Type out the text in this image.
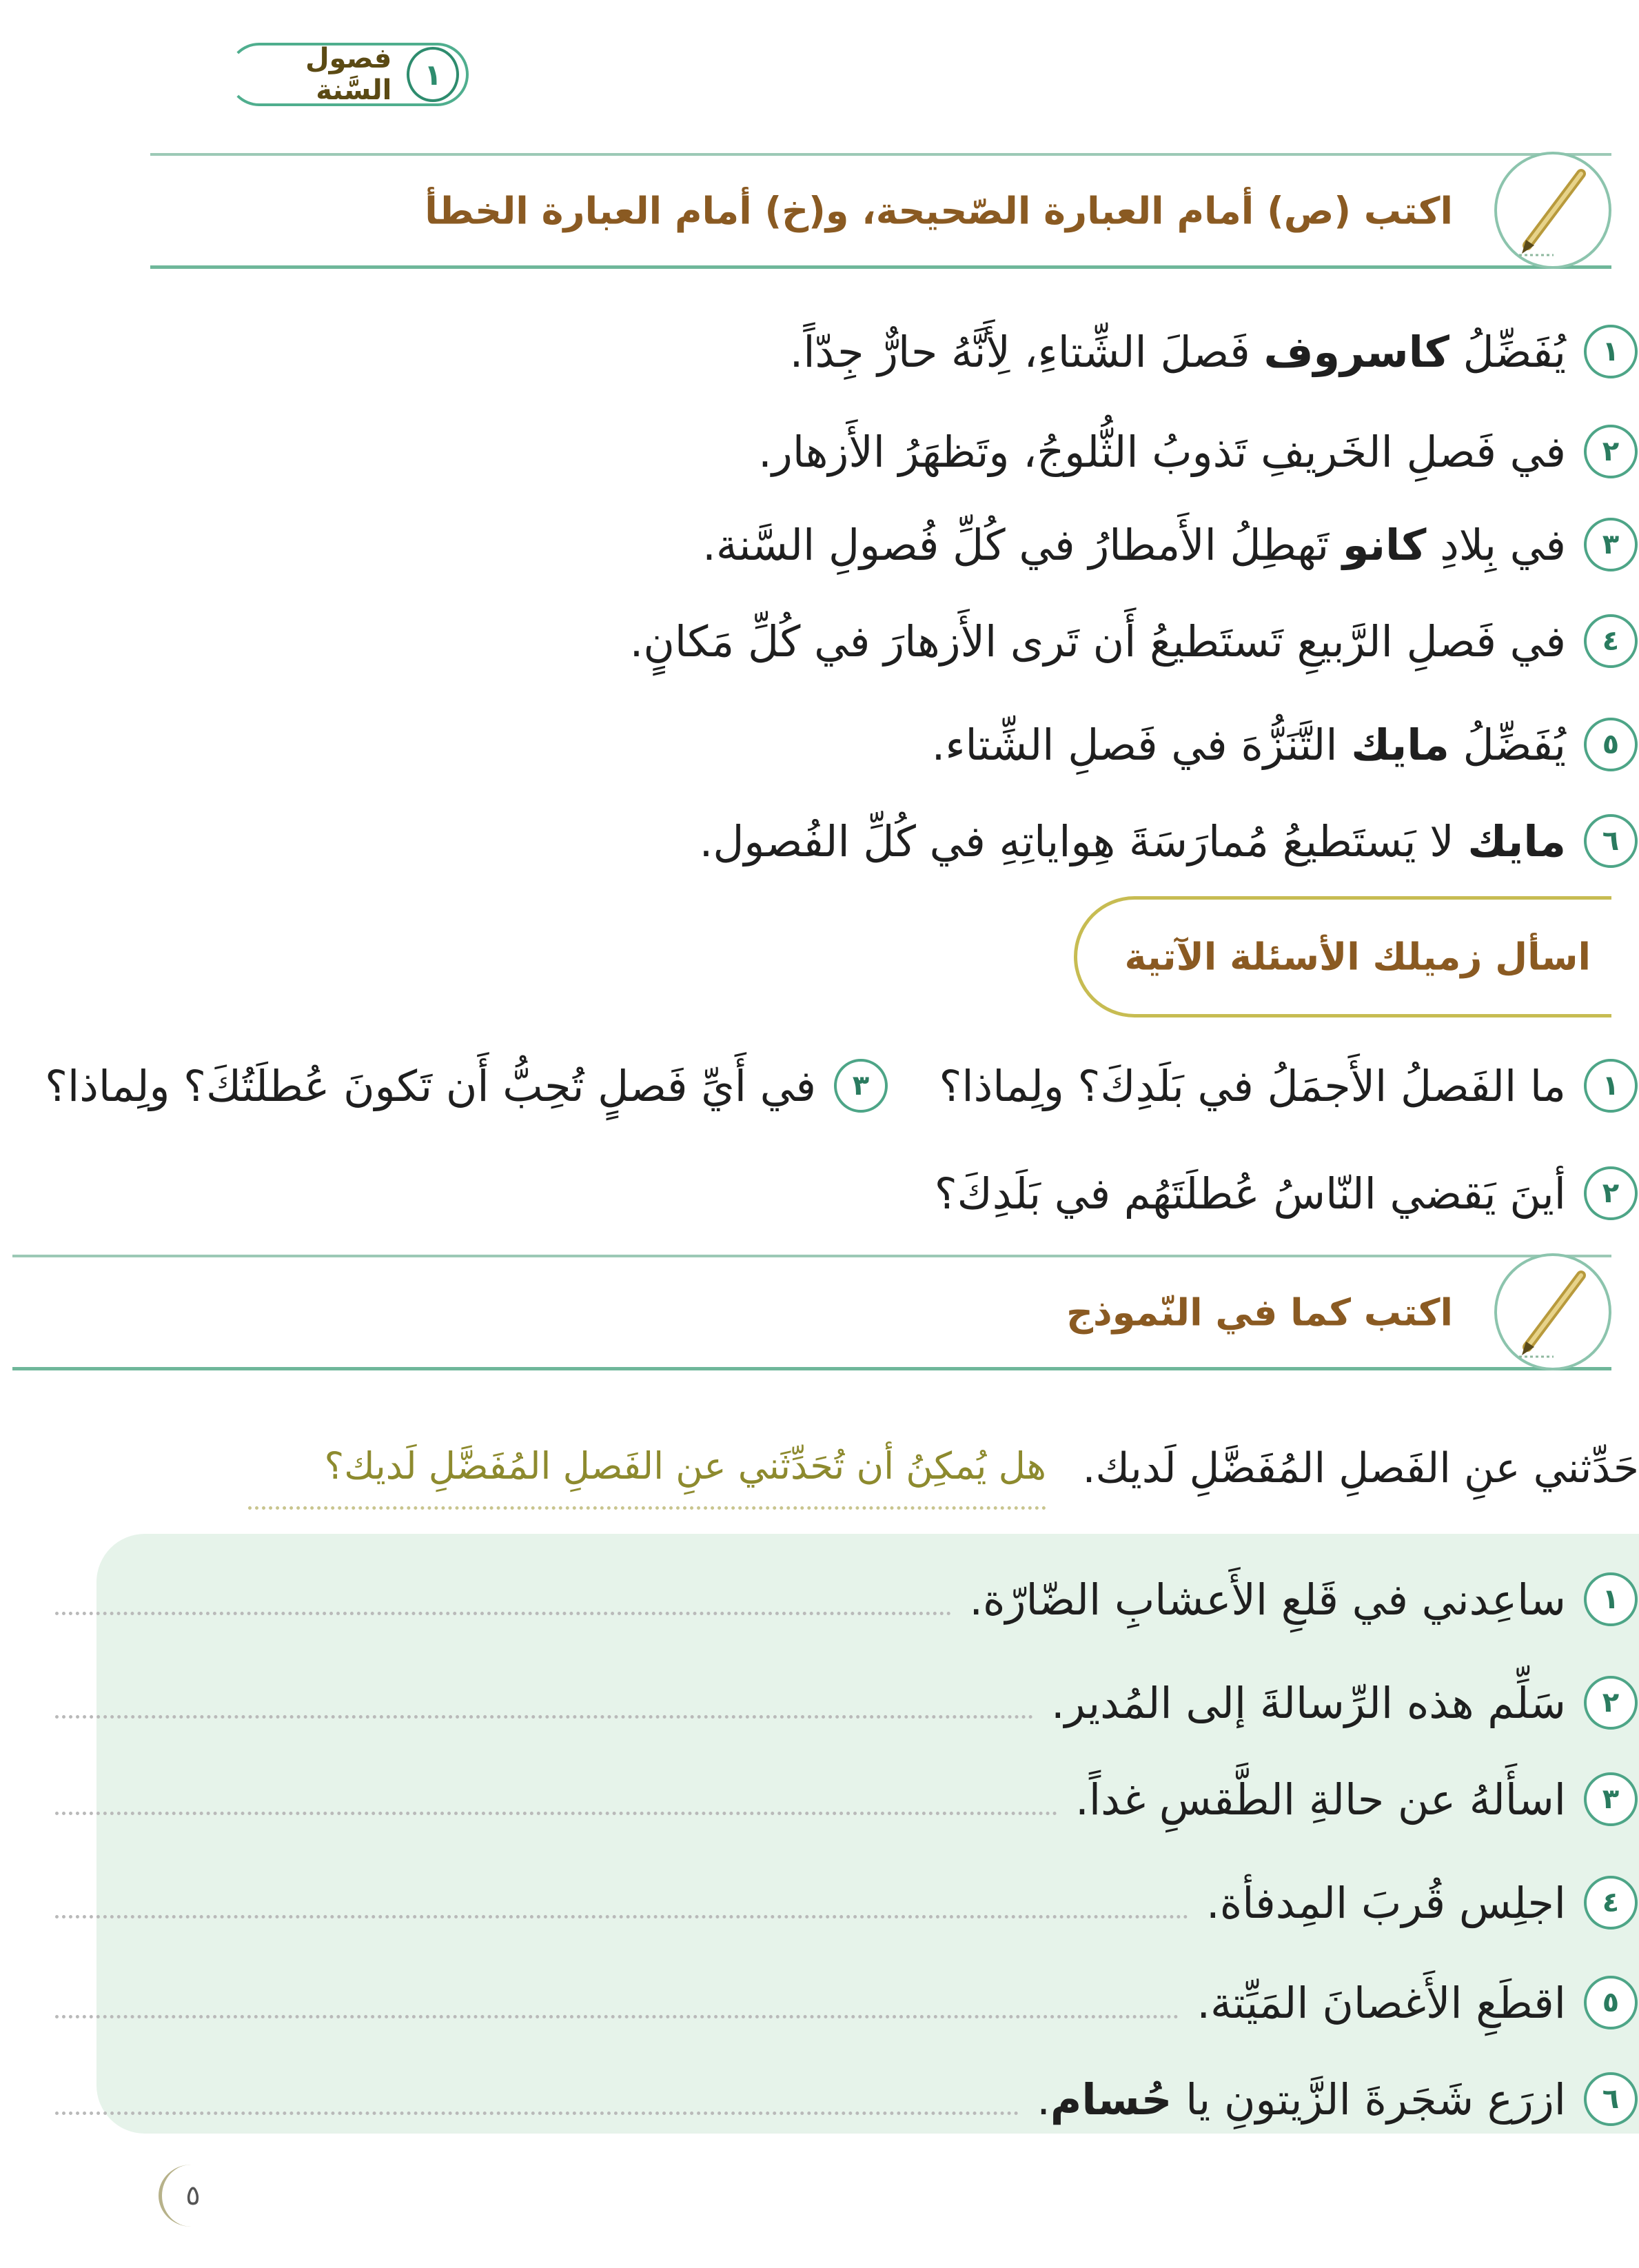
١
فصول السَّنة
اكتب (ص) أمام العبارة الصّحيحة، و(خ) أمام العبارة الخطأ
١
يُفَضِّلُ كاسروف فَصلَ الشِّتاءِ، لِأَنَّهُ حارٌّ جِدّاً.
٢
في فَصلِ الخَريفِ تَذوبُ الثُّلوجُ، وتَظهَرُ الأَزهار.
٣
في بِلادِ كانو تَهطِلُ الأَمطارُ في كُلِّ فُصولِ السَّنة.
٤
في فَصلِ الرَّبيعِ تَستَطيعُ أَن تَرى الأَزهارَ في كُلِّ مَكانٍ.
٥
يُفَضِّلُ مايك التَّنَزُّهَ في فَصلِ الشِّتاء.
٦
مايك لا يَستَطيعُ مُمارَسَةَ هِواياتِهِ في كُلِّ الفُصول.
اسأل زميلك الأسئلة الآتية
١
ما الفَصلُ الأَجمَلُ في بَلَدِكَ؟ ولِماذا؟
٣
في أَيِّ فَصلٍ تُحِبُّ أَن تَكونَ عُطلَتُكَ؟ ولِماذا؟
٢
أينَ يَقضي النّاسُ عُطلَتَهُم في بَلَدِكَ؟
اكتب كما في النّموذج
حَدِّثني عنِ الفَصلِ المُفَضَّلِ لَديك.
هل يُمكِنُ أن تُحَدِّثَني عنِ الفَصلِ المُفَضَّلِ لَديك؟
١
ساعِدني في قَلعِ الأَعشابِ الضّارّة.
٢
سَلِّم هذه الرِّسالةَ إلى المُدير.
٣
اسأَلهُ عن حالةِ الطَّقسِ غداً.
٤
اجلِس قُربَ المِدفأة.
٥
اقطَعِ الأَغصانَ المَيِّتة.
٦
ازرَع شَجَرةَ الزَّيتونِ يا حُسام.
٥
